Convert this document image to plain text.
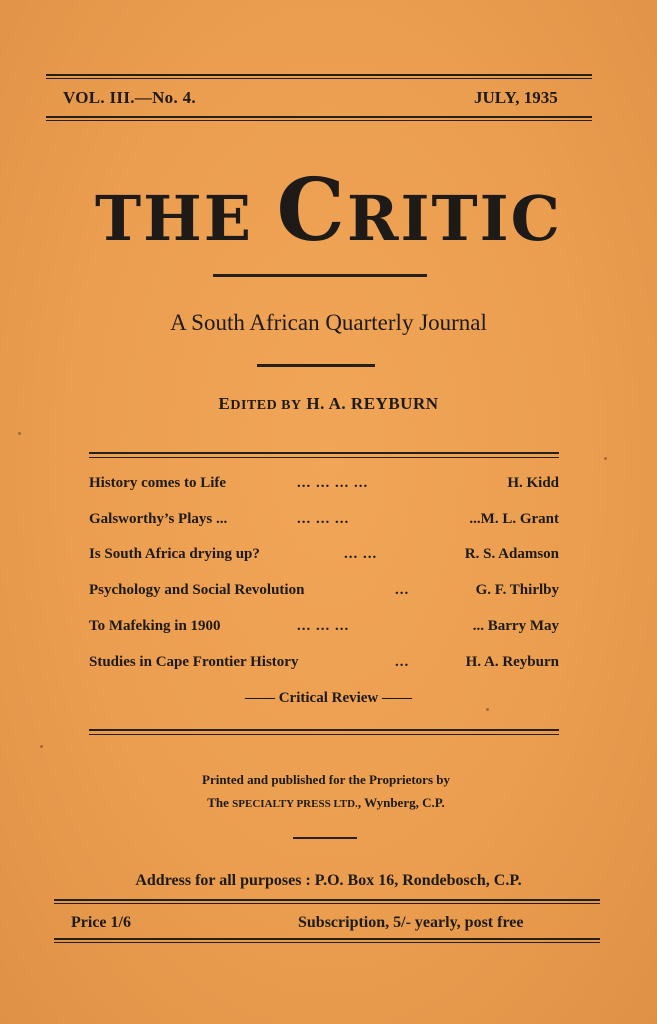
VOL. III.—No. 4.	JULY, 1935
THE CRITIC
A South African Quarterly Journal
EDITED BY H. A. REYBURN
History comes to Life	... ... ... ...	H. Kidd
Galsworthy’s Plays ...	... ... ...	...M. L. Grant
Is South Africa drying up?	... ...	R. S. Adamson
Psychology and Social Revolution	...	G. F. Thirlby
To Mafeking in 1900	... ... ...	... Barry May
Studies in Cape Frontier History	...	H. A. Reyburn
—— Critical Review ——
Printed and published for the Proprietors by
The SPECIALTY PRESS LTD., Wynberg, C.P.
Address for all purposes : P.O. Box 16, Rondebosch, C.P.
Price 1/6	Subscription, 5/- yearly, post free
